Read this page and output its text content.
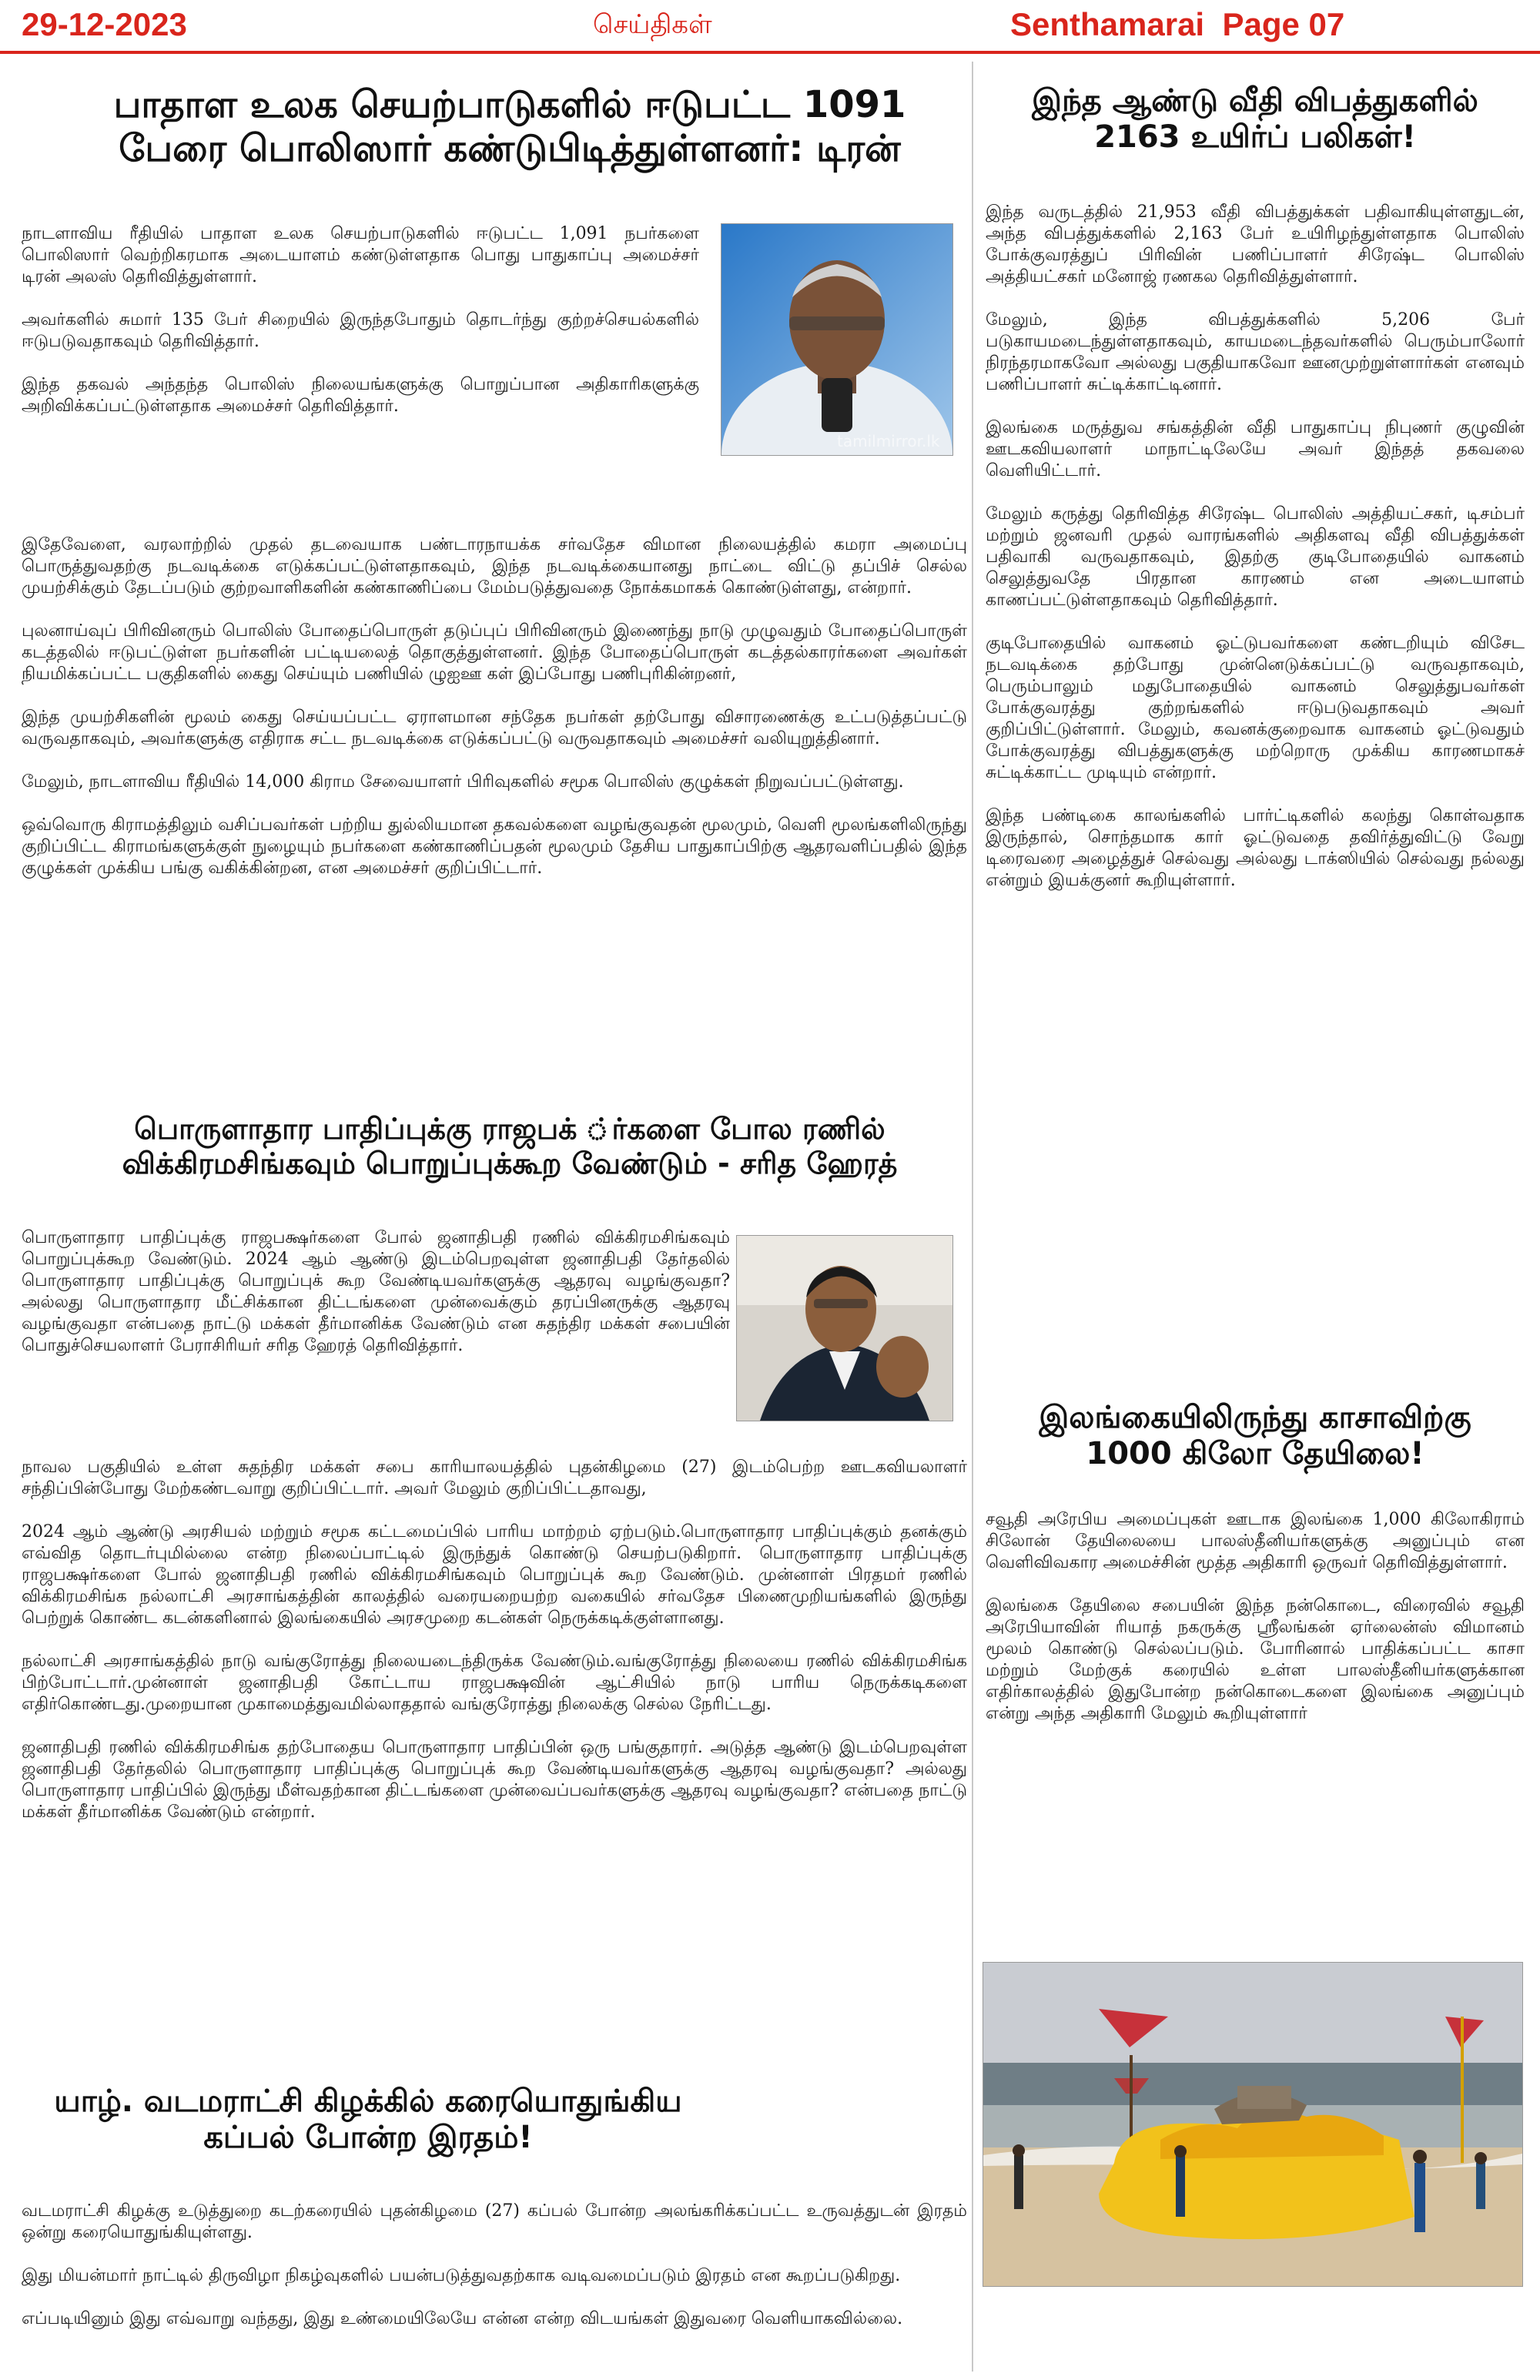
29-12-2023	செய்திகள்	Senthamarai  Page 07
பாதாள உலக செயற்பாடுகளில் ஈடுபட்ட 1091
பேரை பொலிஸார் கண்டுபிடித்துள்ளனர்: டிரன்

நாடளாவிய ரீதியில் பாதாள உலக செயற்பாடுகளில் ஈடுபட்ட 1,091 நபர்களை பொலிஸார் வெற்றிகரமாக அடையாளம் கண்டுள்ளதாக பொது பாதுகாப்பு அமைச்சர் டிரன் அலஸ் தெரிவித்துள்ளார்.

அவர்களில் சுமார் 135 பேர் சிறையில் இருந்தபோதும் தொடர்ந்து குற்றச்செயல்களில் ஈடுபடுவதாகவும் தெரிவித்தார்.

இந்த தகவல் அந்தந்த பொலிஸ் நிலையங்களுக்கு பொறுப்பான அதிகாரிகளுக்கு அறிவிக்கப்பட்டுள்ளதாக அமைச்சர் தெரிவித்தார்.

tamilmirror.lk

இதேவேளை, வரலாற்றில் முதல் தடவையாக பண்டாரநாயக்க சர்வதேச விமான நிலையத்தில் கமரா அமைப்பு பொருத்துவதற்கு நடவடிக்கை எடுக்கப்பட்டுள்ளதாகவும், இந்த நடவடிக்கையானது நாட்டை விட்டு தப்பிச் செல்ல முயற்சிக்கும் தேடப்படும் குற்றவாளிகளின் கண்காணிப்பை மேம்படுத்துவதை நோக்கமாகக் கொண்டுள்ளது, என்றார்.

புலனாய்வுப் பிரிவினரும் பொலிஸ் போதைப்பொருள் தடுப்புப் பிரிவினரும் இணைந்து நாடு முழுவதும் போதைப்பொருள் கடத்தலில் ஈடுபட்டுள்ள நபர்களின் பட்டியலைத் தொகுத்துள்ளனர். இந்த போதைப்பொருள் கடத்தல்காரர்களை அவர்கள் நியமிக்கப்பட்ட பகுதிகளில் கைது செய்யும் பணியில் ழுஐஊ கள் இப்போது பணிபுரிகின்றனர்,

இந்த முயற்சிகளின் மூலம் கைது செய்யப்பட்ட ஏராளமான சந்தேக நபர்கள் தற்போது விசாரணைக்கு உட்படுத்தப்பட்டு வருவதாகவும், அவர்களுக்கு எதிராக சட்ட நடவடிக்கை எடுக்கப்பட்டு வருவதாகவும் அமைச்சர் வலியுறுத்தினார்.

மேலும், நாடளாவிய ரீதியில் 14,000 கிராம சேவையாளர் பிரிவுகளில் சமூக பொலிஸ் குழுக்கள் நிறுவப்பட்டுள்ளது.

ஒவ்வொரு கிராமத்திலும் வசிப்பவர்கள் பற்றிய துல்லியமான தகவல்களை வழங்குவதன் மூலமும், வெளி மூலங்களிலிருந்து குறிப்பிட்ட கிராமங்களுக்குள் நுழையும் நபர்களை கண்காணிப்பதன் மூலமும் தேசிய பாதுகாப்பிற்கு ஆதரவளிப்பதில் இந்த குழுக்கள் முக்கிய பங்கு வகிக்கின்றன, என அமைச்சர் குறிப்பிட்டார்.

பொருளாதார பாதிப்புக்கு ராஜபக் ்ர்களை போல ரணில்
விக்கிரமசிங்கவும் பொறுப்புக்கூற வேண்டும் - சரித ஹேரத்

பொருளாதார பாதிப்புக்கு ராஜபக்ஷர்களை போல் ஜனாதிபதி ரணில் விக்கிரமசிங்கவும் பொறுப்புக்கூற வேண்டும். 2024 ஆம் ஆண்டு இடம்பெறவுள்ள ஜனாதிபதி தேர்தலில் பொருளாதார பாதிப்புக்கு பொறுப்புக் கூற வேண்டியவர்களுக்கு ஆதரவு வழங்குவதா? அல்லது பொருளாதார மீட்சிக்கான திட்டங்களை முன்வைக்கும் தரப்பினருக்கு ஆதரவு வழங்குவதா என்பதை நாட்டு மக்கள் தீர்மானிக்க வேண்டும் என சுதந்திர மக்கள் சபையின் பொதுச்செயலாளர் பேராசிரியர் சரித ஹேரத் தெரிவித்தார்.

நாவல பகுதியில் உள்ள சுதந்திர மக்கள் சபை காரியாலயத்தில் புதன்கிழமை (27) இடம்பெற்ற ஊடகவியலாளர் சந்திப்பின்போது மேற்கண்டவாறு குறிப்பிட்டார். அவர் மேலும் குறிப்பிட்டதாவது,

2024 ஆம் ஆண்டு அரசியல் மற்றும் சமூக கட்டமைப்பில் பாரிய மாற்றம் ஏற்படும்.பொருளாதார பாதிப்புக்கும் தனக்கும் எவ்வித தொடர்புமில்லை என்ற நிலைப்பாட்டில் இருந்துக் கொண்டு செயற்படுகிறார். பொருளாதார பாதிப்புக்கு ராஜபக்ஷர்களை போல் ஜனாதிபதி ரணில் விக்கிரமசிங்கவும் பொறுப்புக் கூற வேண்டும். முன்னாள் பிரதமர் ரணில் விக்கிரமசிங்க நல்லாட்சி அரசாங்கத்தின் காலத்தில் வரையறையற்ற வகையில் சர்வதேச பிணைமுறியங்களில் இருந்து பெற்றுக் கொண்ட கடன்களினால் இலங்கையில் அரசமுறை கடன்கள் நெருக்கடிக்குள்ளானது.

நல்லாட்சி அரசாங்கத்தில் நாடு வங்குரோத்து நிலையடைந்திருக்க வேண்டும்.வங்குரோத்து நிலையை ரணில் விக்கிரமசிங்க பிற்போட்டார்.முன்னாள் ஜனாதிபதி கோட்டாய ராஜபக்ஷவின் ஆட்சியில் நாடு பாரிய நெருக்கடிகளை எதிர்கொண்டது.முறையான முகாமைத்துவமில்லாததால் வங்குரோத்து நிலைக்கு செல்ல நேரிட்டது.

ஜனாதிபதி ரணில் விக்கிரமசிங்க தற்போதைய பொருளாதார பாதிப்பின் ஒரு பங்குதாரர். அடுத்த ஆண்டு இடம்பெறவுள்ள ஜனாதிபதி தேர்தலில் பொருளாதார பாதிப்புக்கு பொறுப்புக் கூற வேண்டியவர்களுக்கு ஆதரவு வழங்குவதா? அல்லது பொருளாதார பாதிப்பில் இருந்து மீள்வதற்கான திட்டங்களை முன்வைப்பவர்களுக்கு ஆதரவு வழங்குவதா? என்பதை நாட்டு மக்கள் தீர்மானிக்க வேண்டும் என்றார்.

யாழ். வடமராட்சி கிழக்கில் கரையொதுங்கிய
கப்பல் போன்ற இரதம்!

வடமராட்சி கிழக்கு உடுத்துறை கடற்கரையில் புதன்கிழமை (27) கப்பல் போன்ற அலங்கரிக்கப்பட்ட உருவத்துடன் இரதம் ஒன்று கரையொதுங்கியுள்ளது.

இது மியன்மார் நாட்டில் திருவிழா நிகழ்வுகளில் பயன்படுத்துவதற்காக வடிவமைப்படும் இரதம் என கூறப்படுகிறது.

எப்படியினும் இது எவ்வாறு வந்தது, இது உண்மையிலேயே என்ன என்ற விடயங்கள் இதுவரை வெளியாகவில்லை.

இந்த ஆண்டு வீதி விபத்துகளில்
2163 உயிர்ப் பலிகள்!

இந்த வருடத்தில் 21,953 வீதி விபத்துக்கள் பதிவாகியுள்ளதுடன், அந்த விபத்துக்களில் 2,163 பேர் உயிரிழந்துள்ளதாக பொலிஸ் போக்குவரத்துப் பிரிவின் பணிப்பாளர் சிரேஷ்ட பொலிஸ் அத்தியட்சகர் மனோஜ் ரணகல தெரிவித்துள்ளார்.

மேலும், இந்த விபத்துக்களில் 5,206 பேர் படுகாயமடைந்துள்ளதாகவும், காயமடைந்தவர்களில் பெரும்பாலோர் நிரந்தரமாகவோ அல்லது பகுதியாகவோ ஊனமுற்றுள்ளார்கள் எனவும் பணிப்பாளர் சுட்டிக்காட்டினார்.

இலங்கை மருத்துவ சங்கத்தின் வீதி பாதுகாப்பு நிபுணர் குழுவின் ஊடகவியலாளர் மாநாட்டிலேயே அவர் இந்தத் தகவலை வெளியிட்டார்.

மேலும் கருத்து தெரிவித்த சிரேஷ்ட பொலிஸ் அத்தியட்சகர், டிசம்பர் மற்றும் ஜனவரி முதல் வாரங்களில் அதிகளவு வீதி விபத்துக்கள் பதிவாகி வருவதாகவும், இதற்கு குடிபோதையில் வாகனம் செலுத்துவதே பிரதான காரணம் என அடையாளம் காணப்பட்டுள்ளதாகவும் தெரிவித்தார்.

குடிபோதையில் வாகனம் ஓட்டுபவர்களை கண்டறியும் விசேட நடவடிக்கை தற்போது முன்னெடுக்கப்பட்டு வருவதாகவும், பெரும்பாலும் மதுபோதையில் வாகனம் செலுத்துபவர்கள் போக்குவரத்து குற்றங்களில் ஈடுபடுவதாகவும் அவர் குறிப்பிட்டுள்ளார். மேலும், கவனக்குறைவாக வாகனம் ஓட்டுவதும் போக்குவரத்து விபத்துகளுக்கு மற்றொரு முக்கிய காரணமாகச் சுட்டிக்காட்ட முடியும் என்றார்.

இந்த பண்டிகை காலங்களில் பார்ட்டிகளில் கலந்து கொள்வதாக இருந்தால், சொந்தமாக கார் ஓட்டுவதை தவிர்த்துவிட்டு வேறு டிரைவரை அழைத்துச் செல்வது அல்லது டாக்ஸியில் செல்வது நல்லது என்றும் இயக்குனர் கூறியுள்ளார்.

இலங்கையிலிருந்து காசாவிற்கு
1000 கிலோ தேயிலை!

சவூதி அரேபிய அமைப்புகள் ஊடாக இலங்கை 1,000 கிலோகிராம் சிலோன் தேயிலையை பாலஸ்தீனியர்களுக்கு அனுப்பும் என வெளிவிவகார அமைச்சின் மூத்த அதிகாரி ஒருவர் தெரிவித்துள்ளார்.

இலங்கை தேயிலை சபையின் இந்த நன்கொடை, விரைவில் சவூதி அரேபியாவின் ரியாத் நகருக்கு ஸ்ரீலங்கன் ஏர்லைன்ஸ் விமானம் மூலம் கொண்டு செல்லப்படும். போரினால் பாதிக்கப்பட்ட காசா மற்றும் மேற்குக் கரையில் உள்ள பாலஸ்தீனியர்களுக்கான எதிர்காலத்தில் இதுபோன்ற நன்கொடைகளை இலங்கை அனுப்பும் என்று அந்த அதிகாரி மேலும் கூறியுள்ளார்
